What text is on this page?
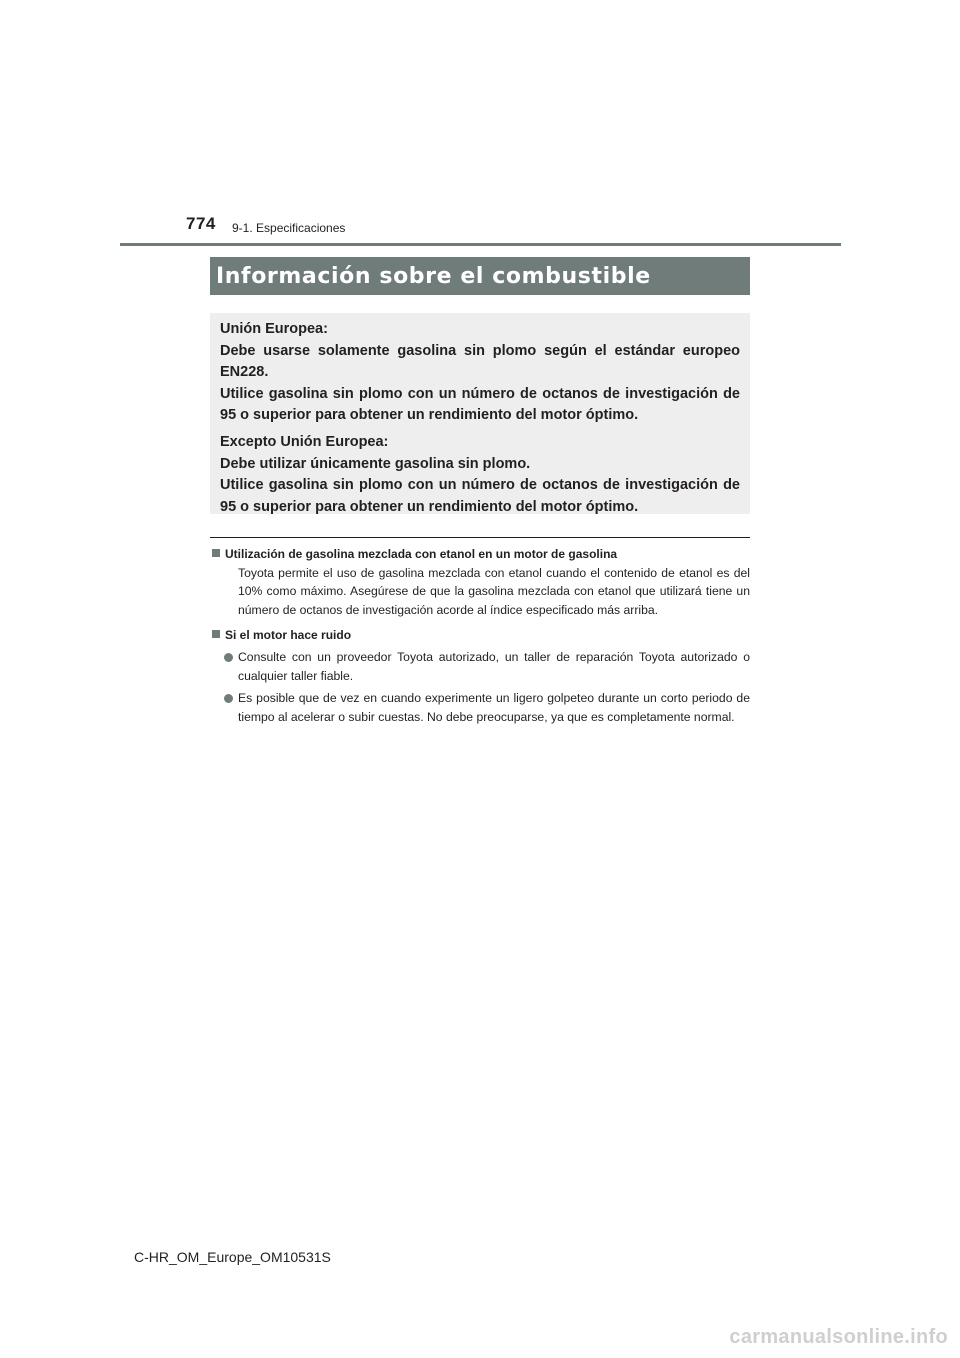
774 9-1. Especificaciones
Información sobre el combustible

Unión Europea:

Debe usarse solamente gasolina sin plomo según el estándar europeo EN228.

Utilice gasolina sin plomo con un número de octanos de investigación de 95 o superior para obtener un rendimiento del motor óptimo.

Excepto Unión Europea:

Debe utilizar únicamente gasolina sin plomo.

Utilice gasolina sin plomo con un número de octanos de investigación de 95 o superior para obtener un rendimiento del motor óptimo.

Utilización de gasolina mezclada con etanol en un motor de gasolina

Toyota permite el uso de gasolina mezclada con etanol cuando el contenido de etanol es del 10% como máximo. Asegúrese de que la gasolina mezclada con etanol que utilizará tiene un número de octanos de investigación acorde al índice especificado más arriba.

Si el motor hace ruido

Consulte con un proveedor Toyota autorizado, un taller de reparación Toyota autorizado o cualquier taller fiable.

Es posible que de vez en cuando experimente un ligero golpeteo durante un corto periodo de tiempo al acelerar o subir cuestas. No debe preocuparse, ya que es completamente normal.

C-HR_OM_Europe_OM10531S
carmanualsonline.info
